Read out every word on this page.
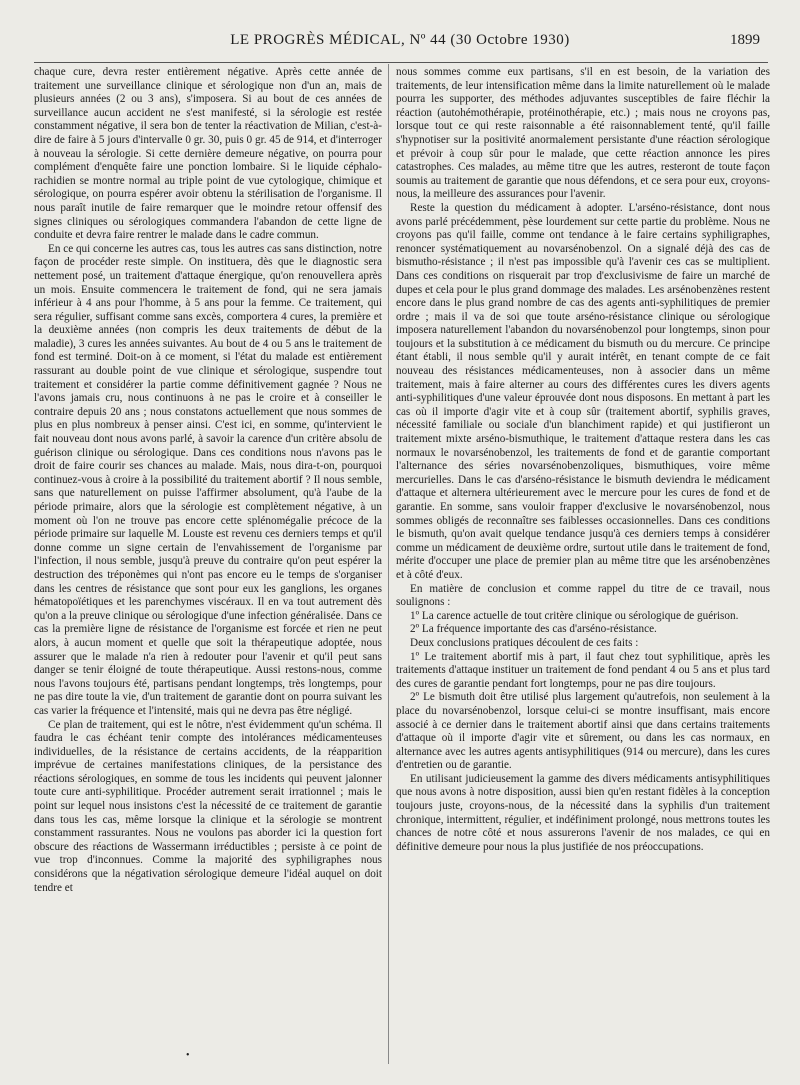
LE PROGRÈS MÉDICAL, Nº 44 (30 Octobre 1930)	1899

chaque cure, devra rester entièrement négative. Après cette année de traitement une surveillance clinique et sérologique non d'un an, mais de plusieurs années (2 ou 3 ans), s'imposera. Si au bout de ces années de surveillance aucun accident ne s'est manifesté, si la sérologie est restée constamment négative, il sera bon de tenter la réactivation de Milian, c'est-à-dire de faire à 5 jours d'intervalle 0 gr. 30, puis 0 gr. 45 de 914, et d'interroger à nouveau la sérologie. Si cette dernière demeure négative, on pourra pour complément d'enquête faire une ponction lombaire. Si le liquide céphalo-rachidien se montre normal au triple point de vue cytologique, chimique et sérologique, on pourra espérer avoir obtenu la stérilisation de l'organisme. Il nous paraît inutile de faire remarquer que le moindre retour offensif des signes cliniques ou sérologiques commandera l'abandon de cette ligne de conduite et devra faire rentrer le malade dans le cadre commun.

En ce qui concerne les autres cas, tous les autres cas sans distinction, notre façon de procéder reste simple. On instituera, dès que le diagnostic sera nettement posé, un traitement d'attaque énergique, qu'on renouvellera après un mois. Ensuite commencera le traitement de fond, qui ne sera jamais inférieur à 4 ans pour l'homme, à 5 ans pour la femme. Ce traitement, qui sera régulier, suffisant comme sans excès, comportera 4 cures, la première et la deuxième années (non compris les deux traitements de début de la maladie), 3 cures les années suivantes. Au bout de 4 ou 5 ans le traitement de fond est terminé. Doit-on à ce moment, si l'état du malade est entièrement rassurant au double point de vue clinique et sérologique, suspendre tout traitement et considérer la partie comme définitivement gagnée ? Nous ne l'avons jamais cru, nous continuons à ne pas le croire et à conseiller le contraire depuis 20 ans ; nous constatons actuellement que nous sommes de plus en plus nombreux à penser ainsi. C'est ici, en somme, qu'intervient le fait nouveau dont nous avons parlé, à savoir la carence d'un critère absolu de guérison clinique ou sérologique. Dans ces conditions nous n'avons pas le droit de faire courir ses chances au malade. Mais, nous dira-t-on, pourquoi continuez-vous à croire à la possibilité du traitement abortif ? Il nous semble, sans que naturellement on puisse l'affirmer absolument, qu'à l'aube de la période primaire, alors que la sérologie est complètement négative, à un moment où l'on ne trouve pas encore cette splénomégalie précoce de la période primaire sur laquelle M. Louste est revenu ces derniers temps et qu'il donne comme un signe certain de l'envahissement de l'organisme par l'infection, il nous semble, jusqu'à preuve du contraire qu'on peut espérer la destruction des tréponèmes qui n'ont pas encore eu le temps de s'organiser dans les centres de résistance que sont pour eux les ganglions, les organes hématopoïétiques et les parenchymes viscéraux. Il en va tout autrement dès qu'on a la preuve clinique ou sérologique d'une infection généralisée. Dans ce cas la première ligne de résistance de l'organisme est forcée et rien ne peut alors, à aucun moment et quelle que soit la thérapeutique adoptée, nous assurer que le malade n'a rien à redouter pour l'avenir et qu'il peut sans danger se tenir éloigné de toute thérapeutique. Aussi restons-nous, comme nous l'avons toujours été, partisans pendant longtemps, très longtemps, pour ne pas dire toute la vie, d'un traitement de garantie dont on pourra suivant les cas varier la fréquence et l'intensité, mais qui ne devra pas être négligé.

Ce plan de traitement, qui est le nôtre, n'est évidemment qu'un schéma. Il faudra le cas échéant tenir compte des intolérances médicamenteuses individuelles, de la résistance de certains accidents, de la réapparition imprévue de certaines manifestations cliniques, de la persistance des réactions sérologiques, en somme de tous les incidents qui peuvent jalonner toute cure anti-syphilitique. Procéder autrement serait irrationnel ; mais le point sur lequel nous insistons c'est la nécessité de ce traitement de garantie dans tous les cas, même lorsque la clinique et la sérologie se montrent constamment rassurantes. Nous ne voulons pas aborder ici la question fort obscure des réactions de Wassermann irréductibles ; persiste à ce point de vue trop d'inconnues. Comme la majorité des syphiligraphes nous considérons que la négativation sérologique demeure l'idéal auquel on doit tendre et

nous sommes comme eux partisans, s'il en est besoin, de la variation des traitements, de leur intensification même dans la limite naturellement où le malade pourra les supporter, des méthodes adjuvantes susceptibles de faire fléchir la réaction (autohémothérapie, protéinothérapie, etc.) ; mais nous ne croyons pas, lorsque tout ce qui reste raisonnable a été raisonnablement tenté, qu'il faille s'hypnotiser sur la positivité anormalement persistante d'une réaction sérologique et prévoir à coup sûr pour le malade, que cette réaction annonce les pires catastrophes. Ces malades, au même titre que les autres, resteront de toute façon soumis au traitement de garantie que nous défendons, et ce sera pour eux, croyons-nous, la meilleure des assurances pour l'avenir.

Reste la question du médicament à adopter. L'arséno-résistance, dont nous avons parlé précédemment, pèse lourdement sur cette partie du problème. Nous ne croyons pas qu'il faille, comme ont tendance à le faire certains syphiligraphes, renoncer systématiquement au novarsénobenzol. On a signalé déjà des cas de bismutho-résistance ; il n'est pas impossible qu'à l'avenir ces cas se multiplient. Dans ces conditions on risquerait par trop d'exclusivisme de faire un marché de dupes et cela pour le plus grand dommage des malades. Les arsénobenzènes restent encore dans le plus grand nombre de cas des agents anti-syphilitiques de premier ordre ; mais il va de soi que toute arséno-résistance clinique ou sérologique imposera naturellement l'abandon du novarsénobenzol pour longtemps, sinon pour toujours et la substitution à ce médicament du bismuth ou du mercure. Ce principe étant établi, il nous semble qu'il y aurait intérêt, en tenant compte de ce fait nouveau des résistances médicamenteuses, non à associer dans un même traitement, mais à faire alterner au cours des différentes cures les divers agents anti-syphilitiques d'une valeur éprouvée dont nous disposons. En mettant à part les cas où il importe d'agir vite et à coup sûr (traitement abortif, syphilis graves, nécessité familiale ou sociale d'un blanchiment rapide) et qui justifieront un traitement mixte arséno-bismuthique, le traitement d'attaque restera dans les cas normaux le novarsénobenzol, les traitements de fond et de garantie comportant l'alternance des séries novarsénobenzoliques, bismuthiques, voire même mercurielles. Dans le cas d'arséno-résistance le bismuth deviendra le médicament d'attaque et alternera ultérieurement avec le mercure pour les cures de fond et de garantie. En somme, sans vouloir frapper d'exclusive le novarsénobenzol, nous sommes obligés de reconnaître ses faiblesses occasionnelles. Dans ces conditions le bismuth, qu'on avait quelque tendance jusqu'à ces derniers temps à considérer comme un médicament de deuxième ordre, surtout utile dans le traitement de fond, mérite d'occuper une place de premier plan au même titre que les arsénobenzènes et à côté d'eux.

En matière de conclusion et comme rappel du titre de ce travail, nous soulignons :

1º La carence actuelle de tout critère clinique ou sérologique de guérison.

2º La fréquence importante des cas d'arséno-résistance.

Deux conclusions pratiques découlent de ces faits :

1º Le traitement abortif mis à part, il faut chez tout syphilitique, après les traitements d'attaque instituer un traitement de fond pendant 4 ou 5 ans et plus tard des cures de garantie pendant fort longtemps, pour ne pas dire toujours.

2º Le bismuth doit être utilisé plus largement qu'autrefois, non seulement à la place du novarsénobenzol, lorsque celui-ci se montre insuffisant, mais encore associé à ce dernier dans le traitement abortif ainsi que dans certains traitements d'attaque où il importe d'agir vite et sûrement, ou dans les cas normaux, en alternance avec les autres agents antisyphilitiques (914 ou mercure), dans les cures d'entretien ou de garantie.

En utilisant judicieusement la gamme des divers médicaments antisyphilitiques que nous avons à notre disposition, aussi bien qu'en restant fidèles à la conception toujours juste, croyons-nous, de la nécessité dans la syphilis d'un traitement chronique, intermittent, régulier, et indéfiniment prolongé, nous mettrons toutes les chances de notre côté et nous assurerons l'avenir de nos malades, ce qui en définitive demeure pour nous la plus justifiée de nos préoccupations.

•
